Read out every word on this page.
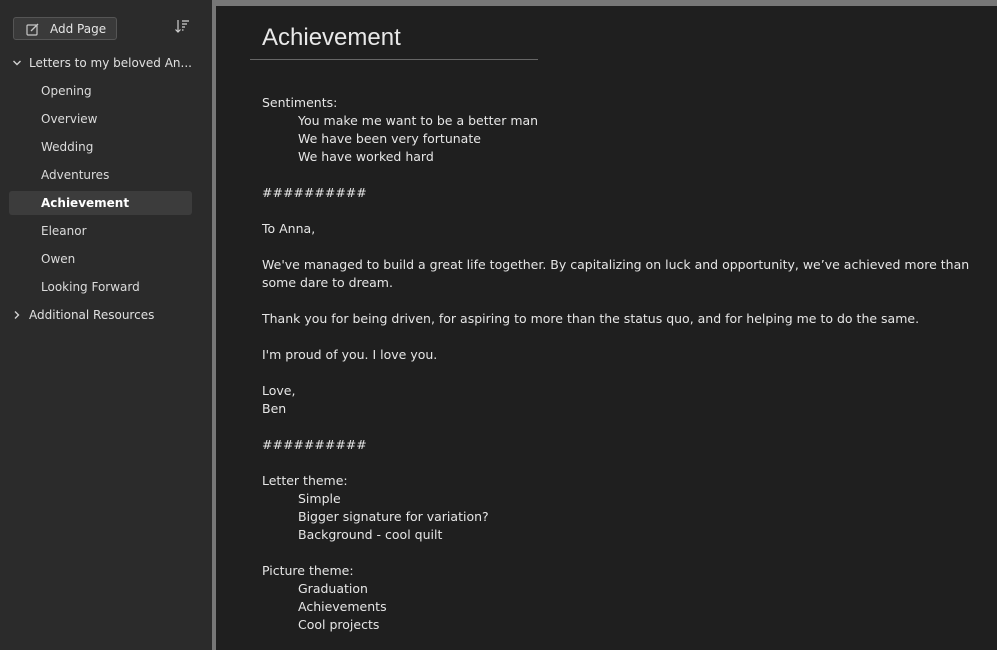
Add Page
Letters to my beloved An...
Opening
Overview
Wedding
Adventures
Achievement
Eleanor
Owen
Looking Forward
Additional Resources
Achievement
Sentiments:
You make me want to be a better man
We have been very fortunate
We have worked hard
##########
To Anna,
We've managed to build a great life together. By capitalizing on luck and opportunity, we’ve achieved more than some dare to dream.
Thank you for being driven, for aspiring to more than the status quo, and for helping me to do the same.
I'm proud of you. I love you.
Love,
Ben
##########
Letter theme:
Simple
Bigger signature for variation?
Background - cool quilt
Picture theme:
Graduation
Achievements
Cool projects
